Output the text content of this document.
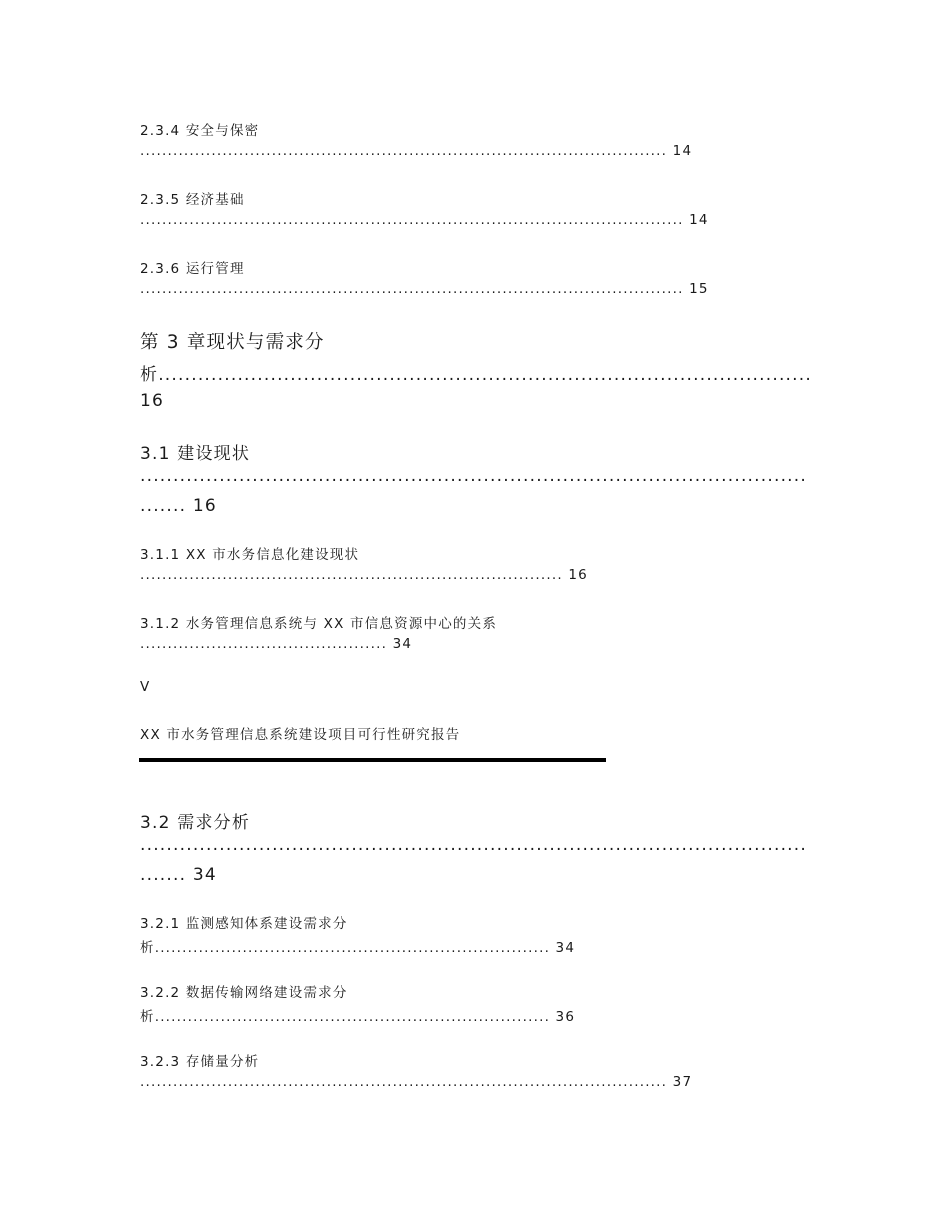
2.3.4 安全与保密

................................................................................................ 14

2.3.5 经济基础

................................................................................................... 14

2.3.6 运行管理

................................................................................................... 15

第 3 章现状与需求分

析...................................................................................................

16

3.1 建设现状

.....................................................................................................

....... 16

3.1.1 XX 市水务信息化建设现状

............................................................................. 16

3.1.2 水务管理信息系统与 XX 市信息资源中心的关系

............................................. 34

V

XX 市水务管理信息系统建设项目可行性研究报告

3.2 需求分析

.....................................................................................................

....... 34

3.2.1 监测感知体系建设需求分

析........................................................................ 34

3.2.2 数据传输网络建设需求分

析........................................................................ 36

3.2.3 存储量分析

................................................................................................ 37
